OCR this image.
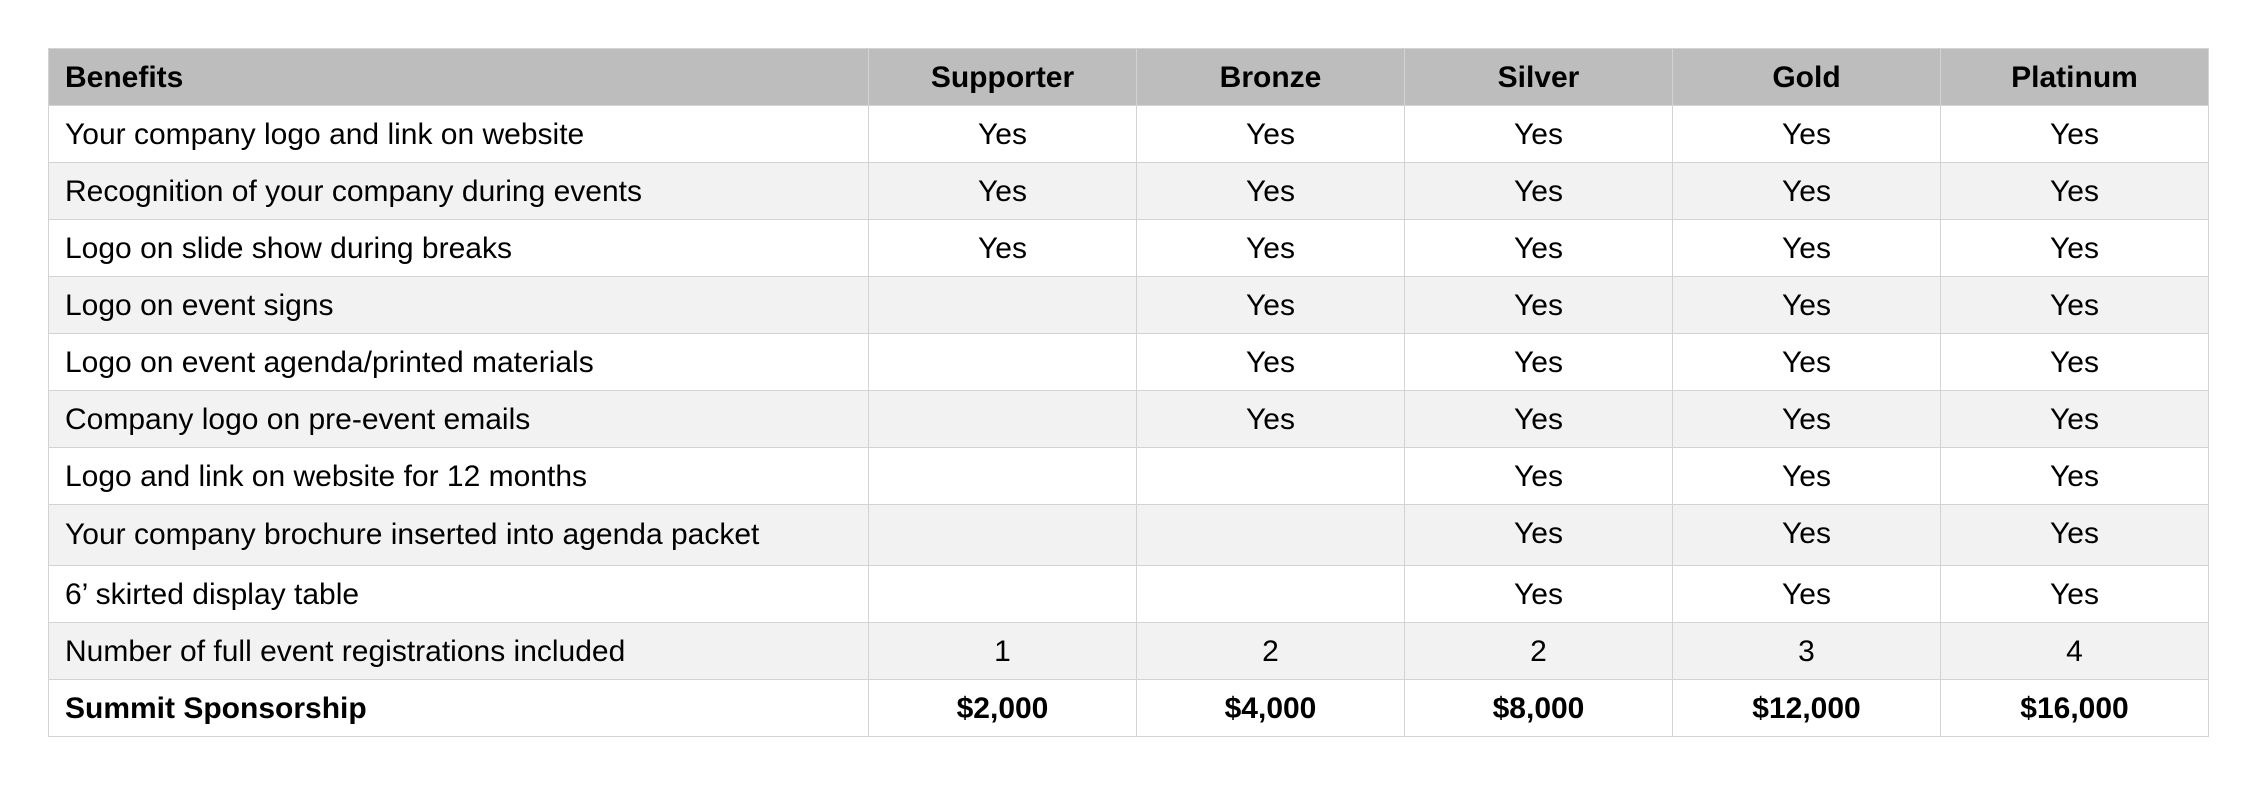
Benefits	Supporter	Bronze	Silver	Gold	Platinum
Your company logo and link on website	Yes	Yes	Yes	Yes	Yes
Recognition of your company during events	Yes	Yes	Yes	Yes	Yes
Logo on slide show during breaks	Yes	Yes	Yes	Yes	Yes
Logo on event signs		Yes	Yes	Yes	Yes
Logo on event agenda/printed materials		Yes	Yes	Yes	Yes
Company logo on pre-event emails		Yes	Yes	Yes	Yes
Logo and link on website for 12 months			Yes	Yes	Yes
Your company brochure inserted into agenda packet			Yes	Yes	Yes
6’ skirted display table			Yes	Yes	Yes
Number of full event registrations included	1	2	2	3	4
Summit Sponsorship	$2,000	$4,000	$8,000	$12,000	$16,000
